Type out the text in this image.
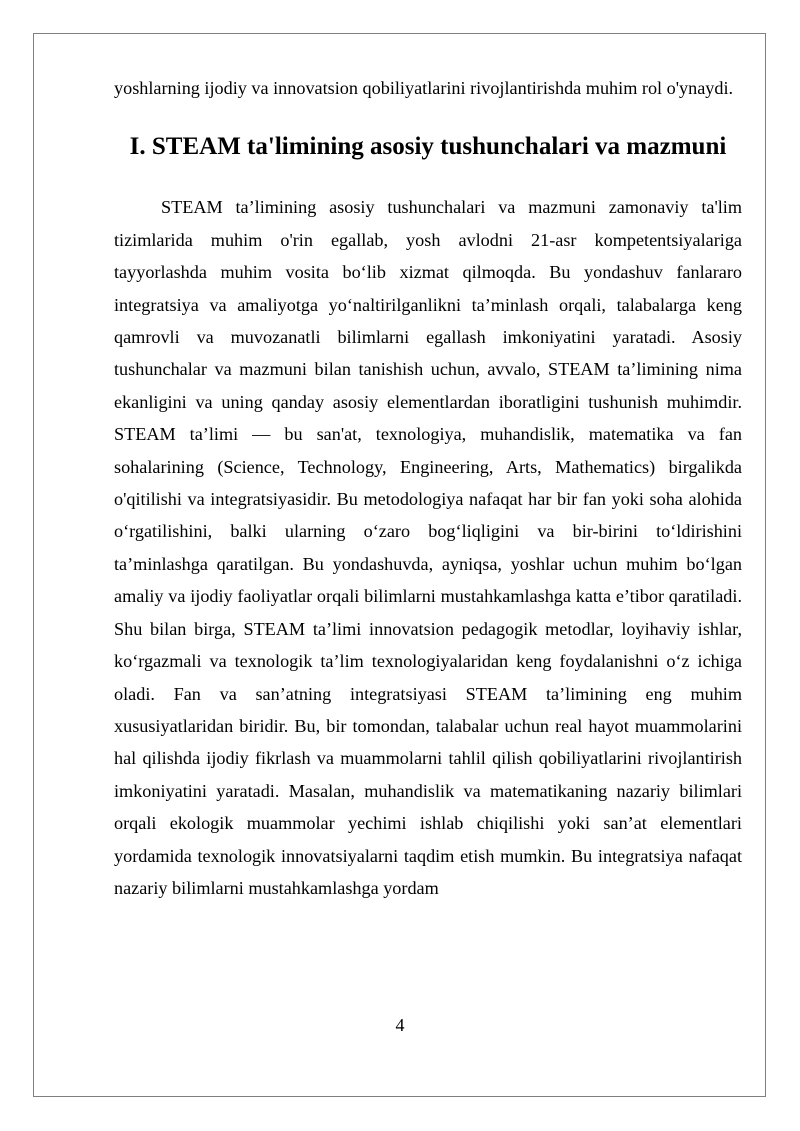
yoshlarning ijodiy va innovatsion qobiliyatlarini rivojlantirishda muhim rol o'ynaydi.

I. STEAM ta'limining asosiy tushunchalari va mazmuni

STEAM ta’limining asosiy tushunchalari va mazmuni zamonaviy ta'lim tizimlarida muhim o'rin egallab, yosh avlodni 21-asr kompetentsiyalariga tayyorlashda muhim vosita bo‘lib xizmat qilmoqda. Bu yondashuv fanlararo integratsiya va amaliyotga yo‘naltirilganlikni ta’minlash orqali, talabalarga keng qamrovli va muvozanatli bilimlarni egallash imkoniyatini yaratadi. Asosiy tushunchalar va mazmuni bilan tanishish uchun, avvalo, STEAM ta’limining nima ekanligini va uning qanday asosiy elementlardan iboratligini tushunish muhimdir. STEAM ta’limi — bu san'at, texnologiya, muhandislik, matematika va fan sohalarining (Science, Technology, Engineering, Arts, Mathematics) birgalikda o'qitilishi va integratsiyasidir. Bu metodologiya nafaqat har bir fan yoki soha alohida o‘rgatilishini, balki ularning o‘zaro bog‘liqligini va bir-birini to‘ldirishini ta’minlashga qaratilgan. Bu yondashuvda, ayniqsa, yoshlar uchun muhim bo‘lgan amaliy va ijodiy faoliyatlar orqali bilimlarni mustahkamlashga katta e’tibor qaratiladi. Shu bilan birga, STEAM ta’limi innovatsion pedagogik metodlar, loyihaviy ishlar, ko‘rgazmali va texnologik ta’lim texnologiyalaridan keng foydalanishni o‘z ichiga oladi. Fan va san’atning integratsiyasi STEAM ta’limining eng muhim xususiyatlaridan biridir. Bu, bir tomondan, talabalar uchun real hayot muammolarini hal qilishda ijodiy fikrlash va muammolarni tahlil qilish qobiliyatlarini rivojlantirish imkoniyatini yaratadi. Masalan, muhandislik va matematikaning nazariy bilimlari orqali ekologik muammolar yechimi ishlab chiqilishi yoki san’at elementlari yordamida texnologik innovatsiyalarni taqdim etish mumkin. Bu integratsiya nafaqat nazariy bilimlarni mustahkamlashga yordam

4
